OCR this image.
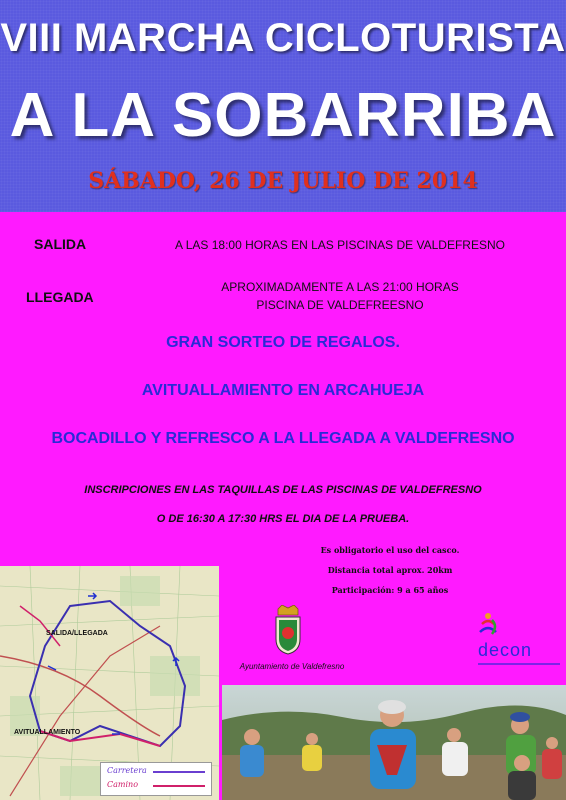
VIII MARCHA CICLOTURISTA
A LA SOBARRIBA
SÁBADO, 26 DE JULIO DE 2014
SALIDA	A LAS 18:00 HORAS EN LAS PISCINAS DE VALDEFRESNO
LLEGADA
APROXIMADAMENTE A LAS 21:00 HORAS
PISCINA DE VALDEFREESNO
GRAN SORTEO DE REGALOS.
AVITUALLAMIENTO EN ARCAHUEJA
BOCADILLO Y REFRESCO A LA LLEGADA A VALDEFRESNO
INSCRIPCIONES EN LAS TAQUILLAS DE LAS PISCINAS DE VALDEFRESNO
O DE 16:30 A 17:30 HRS EL DIA DE LA PRUEBA.
Es obligatorio el uso del casco.
Distancia total aprox. 20km
Participación: 9 a 65 años
SALIDA/LLEGADA
AVITUALLAMIENTO
Carretera
Camino
Ayuntamiento de Valdefresno
decon
